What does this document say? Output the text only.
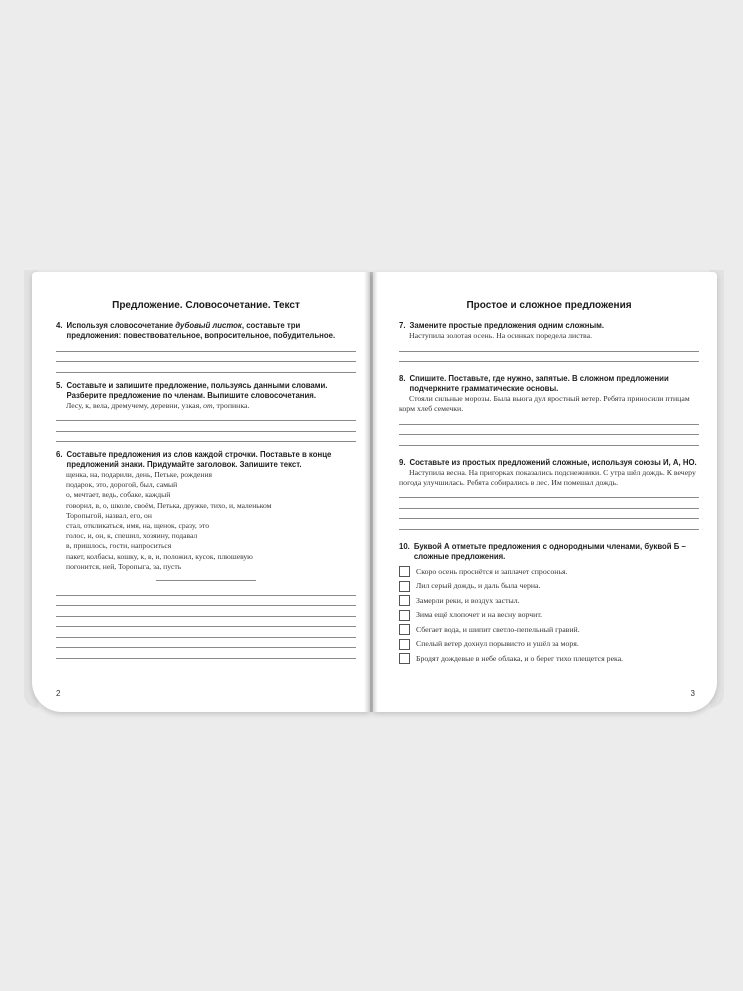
Предложение. Словосочетание. Текст
4. Используя словосочетание дубовый листок, составьте три предложения: повествовательное, вопросительное, побудительное.
5. Составьте и запишите предложение, пользуясь данными словами. Разберите предложение по членам. Выпишите словосочетания.
Лесу, к, вела, дремучему, деревни, узкая, от, тропинка.
6. Составьте предложения из слов каждой строчки. Поставьте в конце предложений знаки. Придумайте заголовок. Запишите текст.
щенка, на, подарили, день, Петьке, рождения
подарок, это, дорогой, был, самый
о, мечтает, ведь, собаке, каждый
говорил, в, о, школе, своём, Петька, дружке, тихо, и, маленьком
Торопыгой, назвал, его, он
стал, откликаться, имя, на, щенок, сразу, это
голос, и, он, к, спешил, хозяину, подавал
в, пришлось, гости, напроситься
пакет, колбасы, кошку, к, в, и, положил, кусок, плюшевую
погонится, ней, Торопыга, за, пусть
2
Простое и сложное предложения
7. Замените простые предложения одним сложным.
Наступила золотая осень. На осинках поредела листва.
8. Спишите. Поставьте, где нужно, запятые. В сложном предложении подчеркните грамматические основы.
Стояли сильные морозы. Была вьюга дул яростный ветер. Ребята приносили птицам корм хлеб семечки.
9. Составьте из простых предложений сложные, используя союзы И, А, НО.
Наступила весна. На пригорках показались подснежники. С утра шёл дождь. К вечеру погода улучшилась. Ребята собирались в лес. Им помешал дождь.
10. Буквой А отметьте предложения с однородными членами, буквой Б – сложные предложения.
Скоро осень проснётся и заплачет спросонья.
Лил серый дождь, и даль была черна.
Замерли реки, и воздух застыл.
Зима ещё хлопочет и на весну ворчит.
Сбегает вода, и шипит светло-пепельный гравий.
Спелый ветер дохнул порывисто и ушёл за моря.
Бродят дождевые в небе облака, и о берег тихо плещется река.
3
